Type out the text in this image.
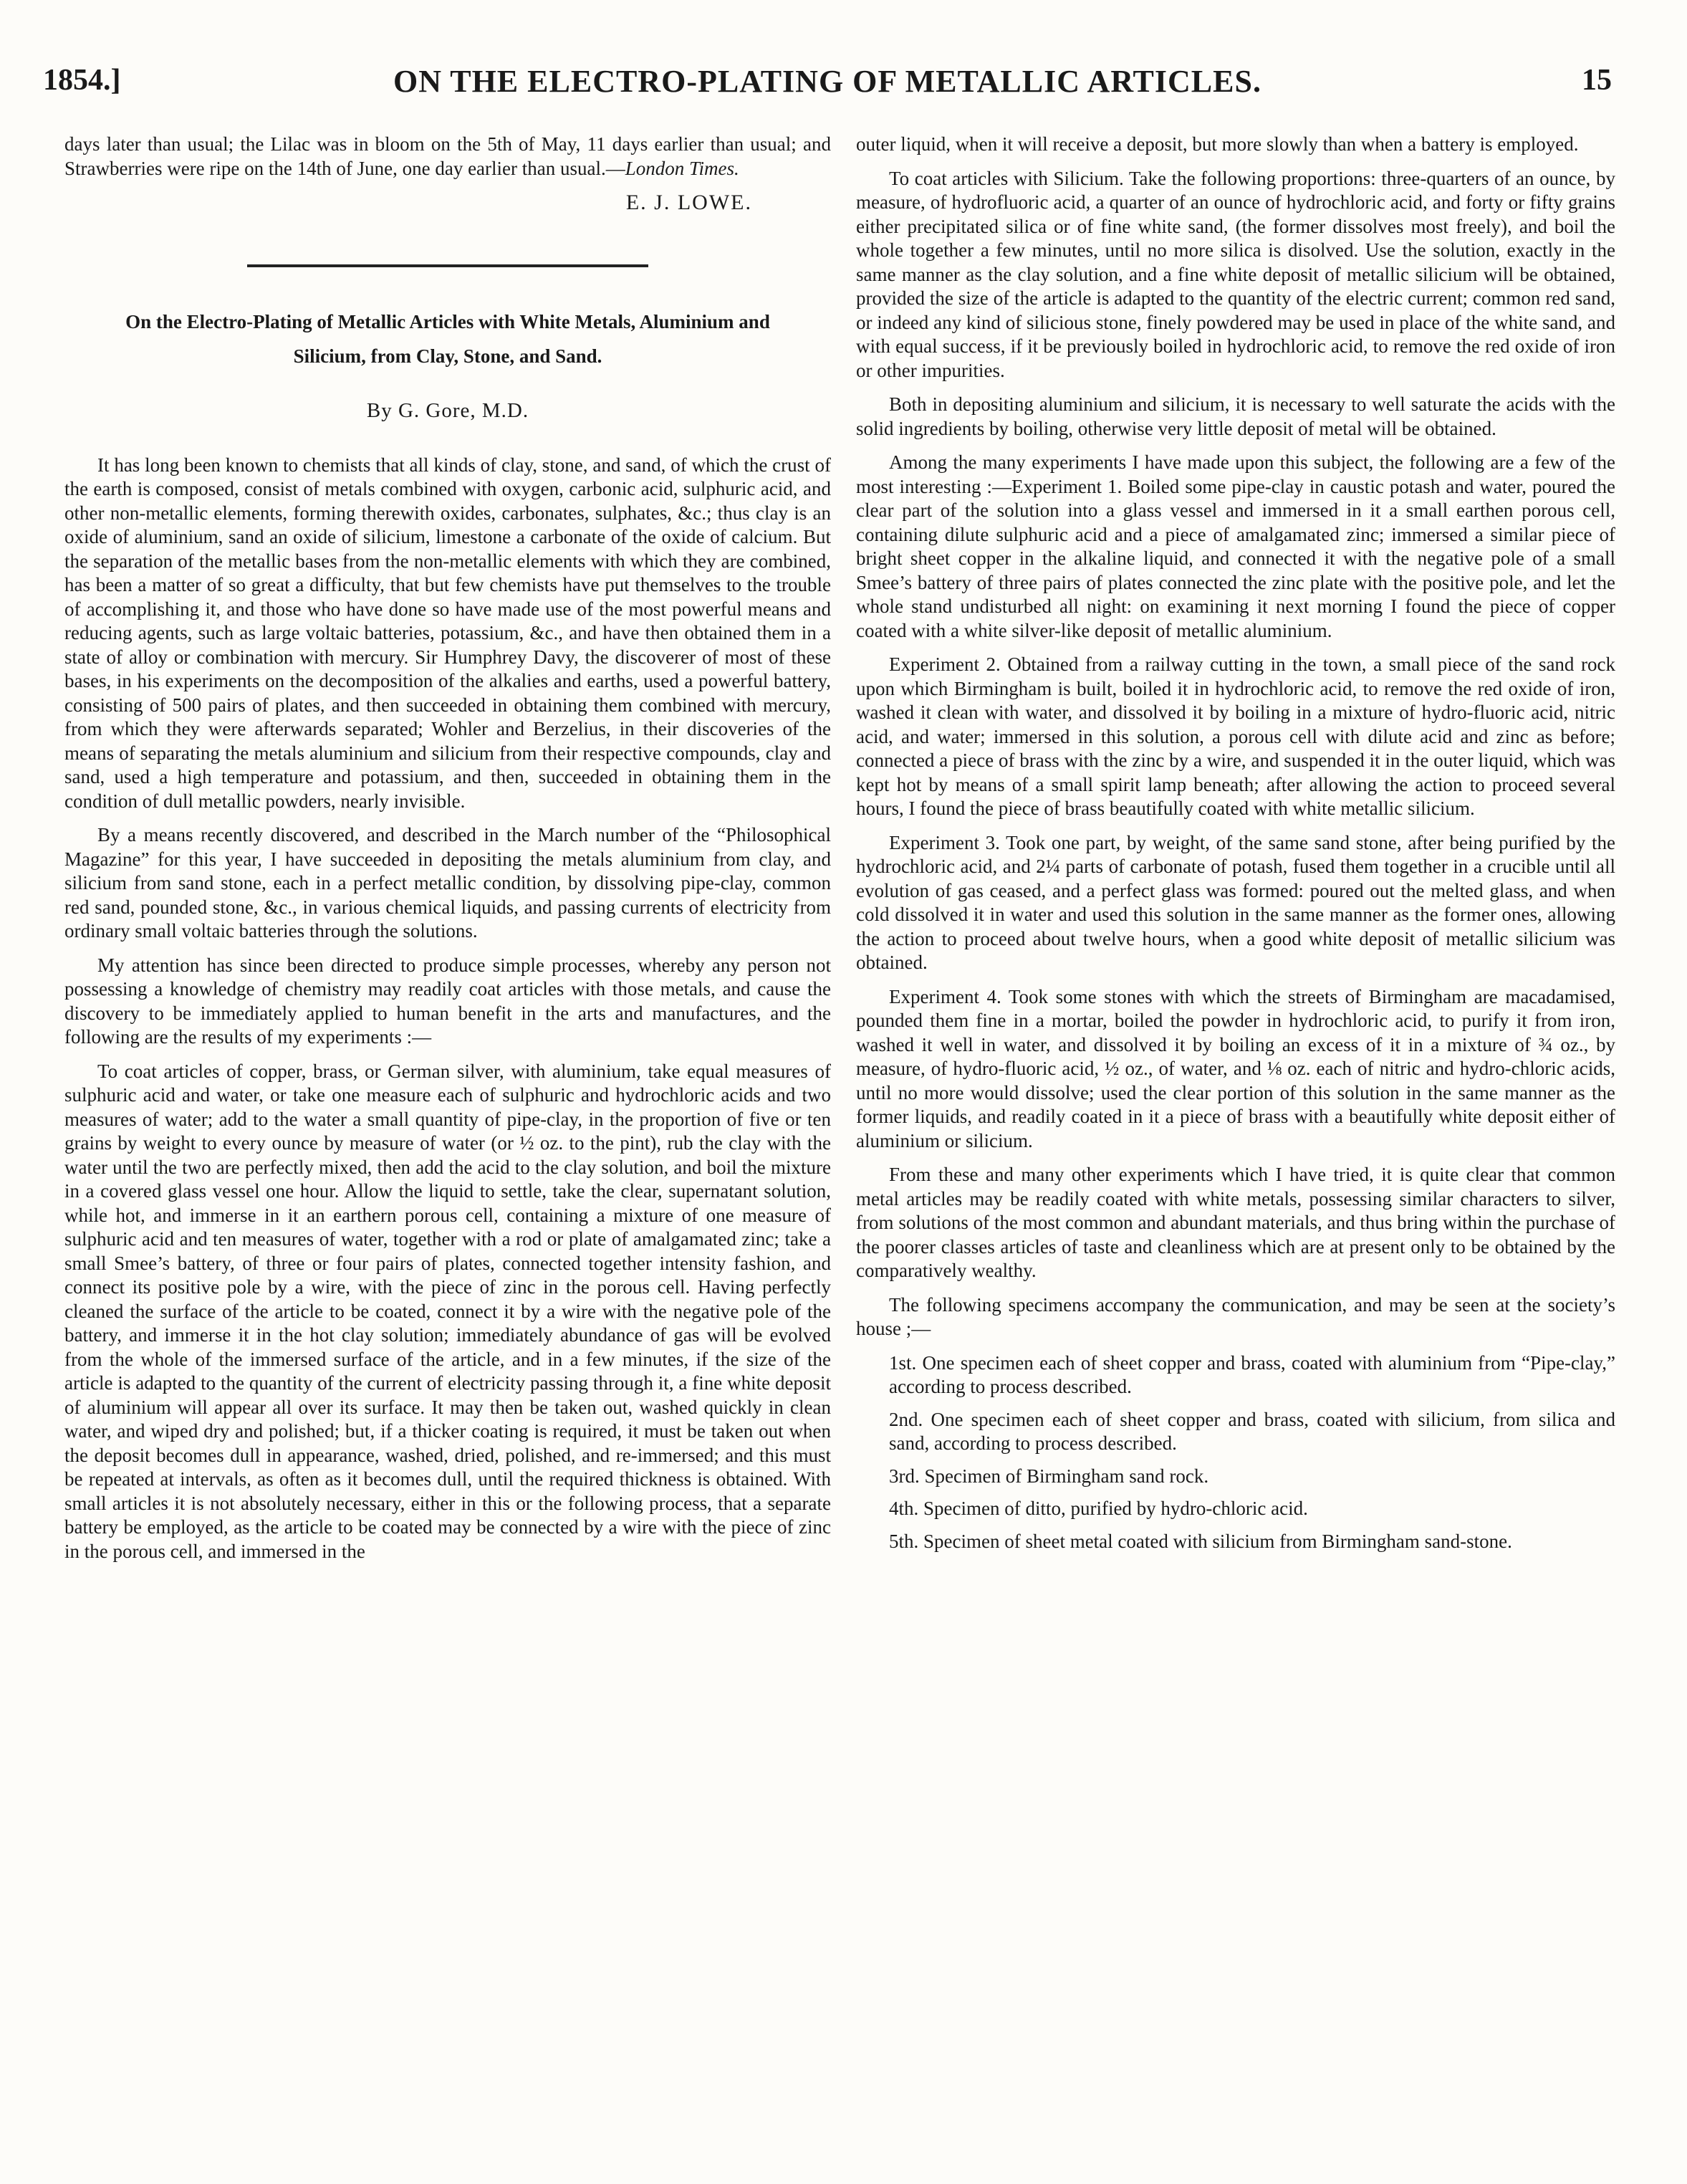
1854.]	ON THE ELECTRO-PLATING OF METALLIC ARTICLES.	15

days later than usual; the Lilac was in bloom on the 5th of May, 11 days earlier than usual; and Strawberries were ripe on the 14th of June, one day earlier than usual.—London Times.

E. J. LOWE.
On the Electro-Plating of Metallic Articles with White Metals, Aluminium and Silicium, from Clay, Stone, and Sand.
By G. Gore, M.D.

It has long been known to chemists that all kinds of clay, stone, and sand, of which the crust of the earth is composed, consist of metals combined with oxygen, carbonic acid, sulphuric acid, and other non-metallic elements, forming therewith oxides, carbonates, sulphates, &c.; thus clay is an oxide of aluminium, sand an oxide of silicium, limestone a carbonate of the oxide of calcium. But the separation of the metallic bases from the non-metallic elements with which they are combined, has been a matter of so great a difficulty, that but few chemists have put themselves to the trouble of accomplishing it, and those who have done so have made use of the most powerful means and reducing agents, such as large voltaic batteries, potassium, &c., and have then obtained them in a state of alloy or combination with mercury. Sir Humphrey Davy, the discoverer of most of these bases, in his experiments on the decomposition of the alkalies and earths, used a powerful battery, consisting of 500 pairs of plates, and then succeeded in obtaining them combined with mercury, from which they were afterwards separated; Wohler and Berzelius, in their discoveries of the means of separating the metals aluminium and silicium from their respective compounds, clay and sand, used a high temperature and potassium, and then, succeeded in obtaining them in the condition of dull metallic powders, nearly invisible.

By a means recently discovered, and described in the March number of the “Philosophical Magazine” for this year, I have succeeded in depositing the metals aluminium from clay, and silicium from sand stone, each in a perfect metallic condition, by dissolving pipe-clay, common red sand, pounded stone, &c., in various chemical liquids, and passing currents of electricity from ordinary small voltaic batteries through the solutions.

My attention has since been directed to produce simple processes, whereby any person not possessing a knowledge of chemistry may readily coat articles with those metals, and cause the discovery to be immediately applied to human benefit in the arts and manufactures, and the following are the results of my experiments :—

To coat articles of copper, brass, or German silver, with aluminium, take equal measures of sulphuric acid and water, or take one measure each of sulphuric and hydrochloric acids and two measures of water; add to the water a small quantity of pipe-clay, in the proportion of five or ten grains by weight to every ounce by measure of water (or ½ oz. to the pint), rub the clay with the water until the two are perfectly mixed, then add the acid to the clay solution, and boil the mixture in a covered glass vessel one hour. Allow the liquid to settle, take the clear, supernatant solution, while hot, and immerse in it an earthern porous cell, containing a mixture of one measure of sulphuric acid and ten measures of water, together with a rod or plate of amalgamated zinc; take a small Smee’s battery, of three or four pairs of plates, connected together intensity fashion, and connect its positive pole by a wire, with the piece of zinc in the porous cell. Having perfectly cleaned the surface of the article to be coated, connect it by a wire with the negative pole of the battery, and immerse it in the hot clay solution; immediately abundance of gas will be evolved from the whole of the immersed surface of the article, and in a few minutes, if the size of the article is adapted to the quantity of the current of electricity passing through it, a fine white deposit of aluminium will appear all over its surface. It may then be taken out, washed quickly in clean water, and wiped dry and polished; but, if a thicker coating is required, it must be taken out when the deposit becomes dull in appearance, washed, dried, polished, and re-immersed; and this must be repeated at intervals, as often as it becomes dull, until the required thickness is obtained. With small articles it is not absolutely necessary, either in this or the following process, that a separate battery be employed, as the article to be coated may be connected by a wire with the piece of zinc in the porous cell, and immersed in the

outer liquid, when it will receive a deposit, but more slowly than when a battery is employed.

To coat articles with Silicium. Take the following proportions: three-quarters of an ounce, by measure, of hydrofluoric acid, a quarter of an ounce of hydrochloric acid, and forty or fifty grains either precipitated silica or of fine white sand, (the former dissolves most freely), and boil the whole together a few minutes, until no more silica is disolved. Use the solution, exactly in the same manner as the clay solution, and a fine white deposit of metallic silicium will be obtained, provided the size of the article is adapted to the quantity of the electric current; common red sand, or indeed any kind of silicious stone, finely powdered may be used in place of the white sand, and with equal success, if it be previously boiled in hydrochloric acid, to remove the red oxide of iron or other impurities.

Both in depositing aluminium and silicium, it is necessary to well saturate the acids with the solid ingredients by boiling, otherwise very little deposit of metal will be obtained.

Among the many experiments I have made upon this subject, the following are a few of the most interesting :—Experiment 1. Boiled some pipe-clay in caustic potash and water, poured the clear part of the solution into a glass vessel and immersed in it a small earthen porous cell, containing dilute sulphuric acid and a piece of amalgamated zinc; immersed a similar piece of bright sheet copper in the alkaline liquid, and connected it with the negative pole of a small Smee’s battery of three pairs of plates connected the zinc plate with the positive pole, and let the whole stand undisturbed all night: on examining it next morning I found the piece of copper coated with a white silver-like deposit of metallic aluminium.

Experiment 2. Obtained from a railway cutting in the town, a small piece of the sand rock upon which Birmingham is built, boiled it in hydrochloric acid, to remove the red oxide of iron, washed it clean with water, and dissolved it by boiling in a mixture of hydro-fluoric acid, nitric acid, and water; immersed in this solution, a porous cell with dilute acid and zinc as before; connected a piece of brass with the zinc by a wire, and suspended it in the outer liquid, which was kept hot by means of a small spirit lamp beneath; after allowing the action to proceed several hours, I found the piece of brass beautifully coated with white metallic silicium.

Experiment 3. Took one part, by weight, of the same sand stone, after being purified by the hydrochloric acid, and 2¼ parts of carbonate of potash, fused them together in a crucible until all evolution of gas ceased, and a perfect glass was formed: poured out the melted glass, and when cold dissolved it in water and used this solution in the same manner as the former ones, allowing the action to proceed about twelve hours, when a good white deposit of metallic silicium was obtained.

Experiment 4. Took some stones with which the streets of Birmingham are macadamised, pounded them fine in a mortar, boiled the powder in hydrochloric acid, to purify it from iron, washed it well in water, and dissolved it by boiling an excess of it in a mixture of ¾ oz., by measure, of hydro-fluoric acid, ½ oz., of water, and ⅛ oz. each of nitric and hydro-chloric acids, until no more would dissolve; used the clear portion of this solution in the same manner as the former liquids, and readily coated in it a piece of brass with a beautifully white deposit either of aluminium or silicium.

From these and many other experiments which I have tried, it is quite clear that common metal articles may be readily coated with white metals, possessing similar characters to silver, from solutions of the most common and abundant materials, and thus bring within the purchase of the poorer classes articles of taste and cleanliness which are at present only to be obtained by the comparatively wealthy.

The following specimens accompany the communication, and may be seen at the society’s house ;—

1st. One specimen each of sheet copper and brass, coated with aluminium from “Pipe-clay,” according to process described.
2nd. One specimen each of sheet copper and brass, coated with silicium, from silica and sand, according to process described.
3rd. Specimen of Birmingham sand rock.
4th. Specimen of ditto, purified by hydro-chloric acid.
5th. Specimen of sheet metal coated with silicium from Birmingham sand-stone.
